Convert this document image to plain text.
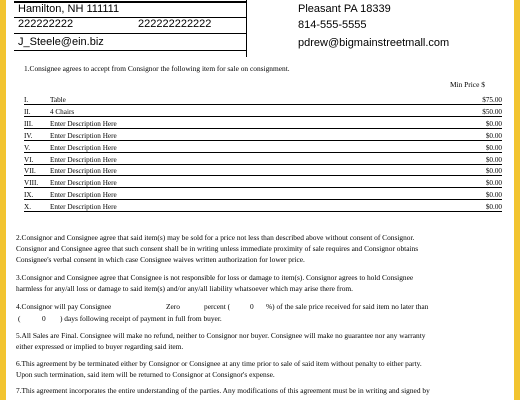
Hamilton, NH 111111
222222222	222222222222
J_Steele@ein.biz
Pleasant PA 18339
814-555-5555
pdrew@bigmainstreetmall.com
1.Consignee agrees to accept from Consignor the following item for sale on consignment.
Min Price $
I.	Table	$75.00
II.	4 Chairs	$50.00
III. Enter Description Here	$0.00
IV. Enter Description Here	$0.00
V.	Enter Description Here	$0.00
VI. Enter Description Here	$0.00
VII. Enter Description Here	$0.00
VIII. Enter Description Here	$0.00
IX. Enter Description Here	$0.00
X.	Enter Description Here	$0.00
2.Consignor and Consignee agree that said item(s) may be sold for a price not less than described above without consent of Consignor.
Consignor and Consignee agree that such consent shall be in writing unless immediate proximity of sale requires and Consignor obtains
Consignee's verbal consent in which case Consignee waives written authorization for lower price.
3.Consignor and Consignee agree that Consignee is not responsible for loss or damage to item(s). Consignor agrees to hold Consignee
harmless for any/all loss or damage to said item(s) and/or any/all liability whatsoever which may arise there from.
4.Consignor will pay Consignee	Zero	percent (	0 %) of the sale price received for said item no later than
(	0 ) days following receipt of payment in full from buyer.
5.All Sales are Final. Consignee will make no refund, neither to Consignor nor buyer. Consignee will make no guarantee nor any warranty
either expressed or implied to buyer regarding said item.
6.This agreement by be terminated either by Consignor or Consignee at any time prior to sale of said item without penalty to either party.
Upon such termination, said item will be returned to Consignor at Consignor's expense.
7.This agreement incorporates the entire understanding of the parties. Any modifications of this agreement must be in writing and signed by
